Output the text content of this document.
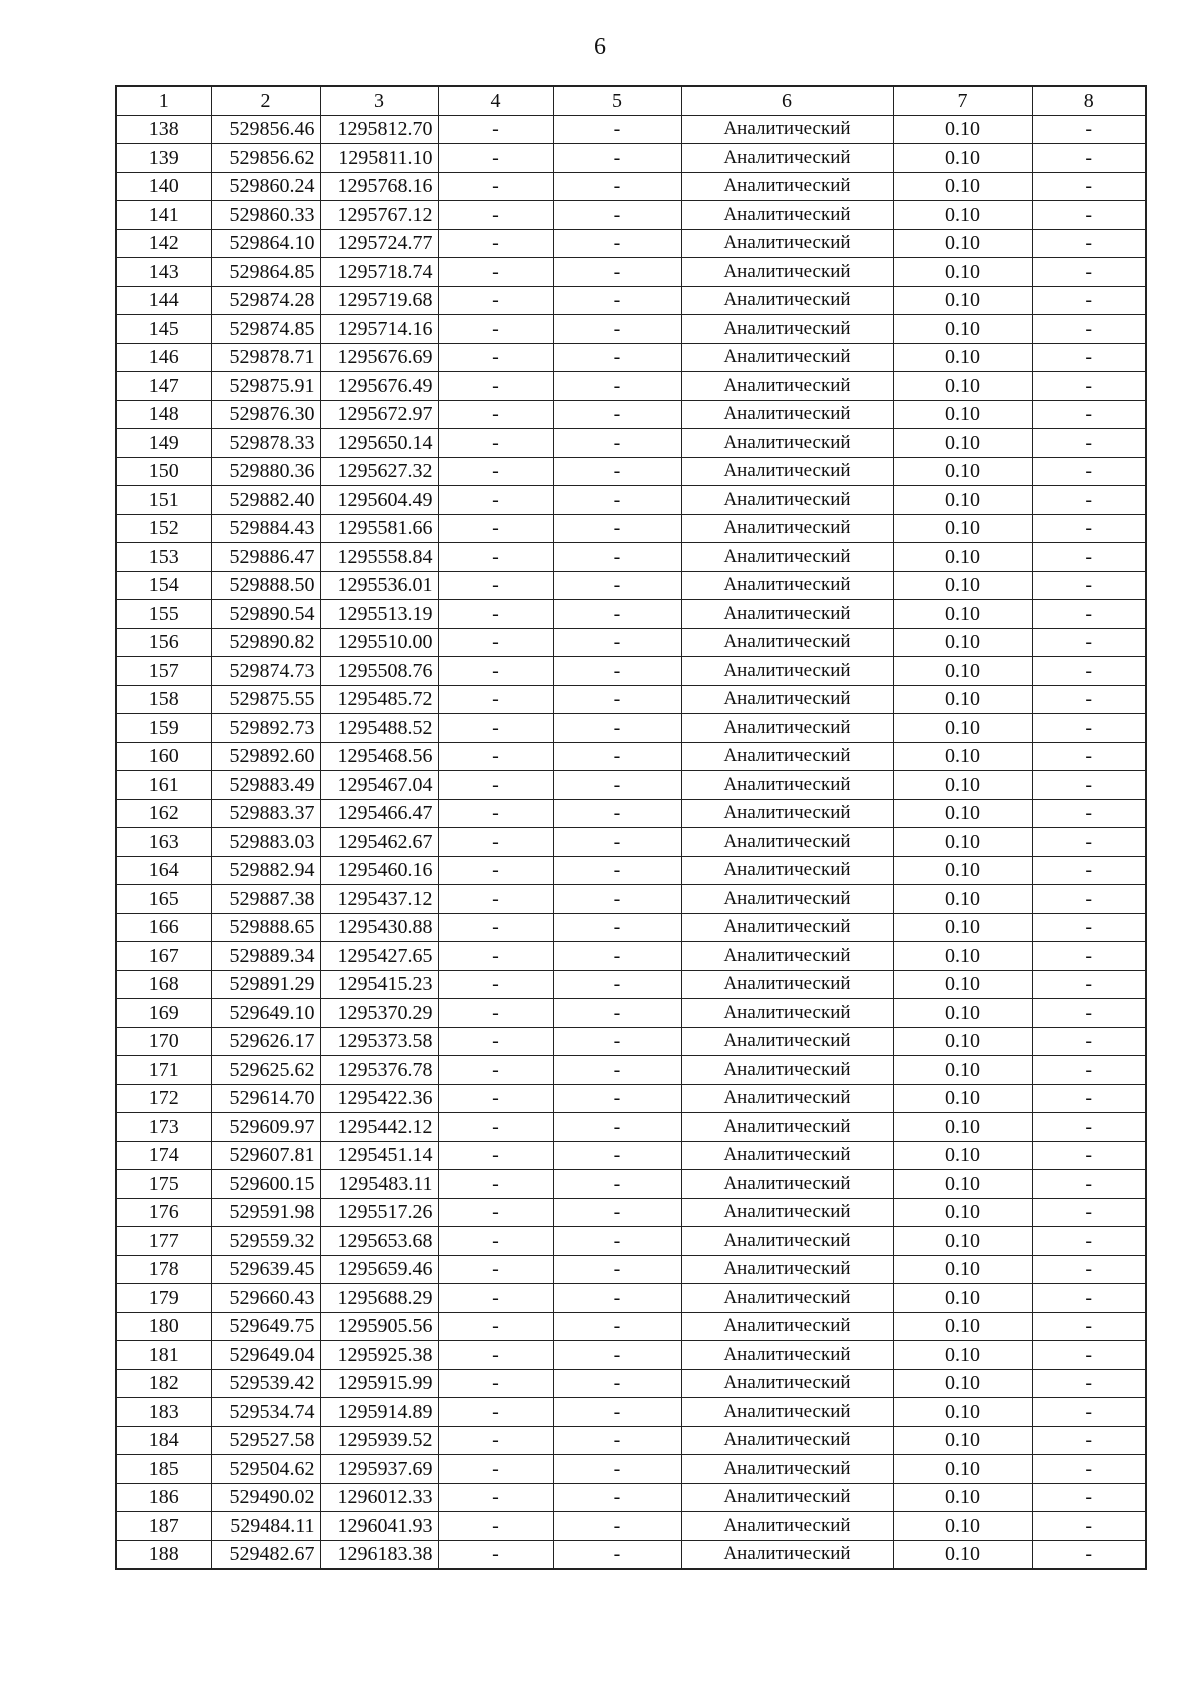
6
1	2	3	4	5	6	7	8
138	529856.46	1295812.70	-	-	Аналитический	0.10	-
139	529856.62	1295811.10	-	-	Аналитический	0.10	-
140	529860.24	1295768.16	-	-	Аналитический	0.10	-
141	529860.33	1295767.12	-	-	Аналитический	0.10	-
142	529864.10	1295724.77	-	-	Аналитический	0.10	-
143	529864.85	1295718.74	-	-	Аналитический	0.10	-
144	529874.28	1295719.68	-	-	Аналитический	0.10	-
145	529874.85	1295714.16	-	-	Аналитический	0.10	-
146	529878.71	1295676.69	-	-	Аналитический	0.10	-
147	529875.91	1295676.49	-	-	Аналитический	0.10	-
148	529876.30	1295672.97	-	-	Аналитический	0.10	-
149	529878.33	1295650.14	-	-	Аналитический	0.10	-
150	529880.36	1295627.32	-	-	Аналитический	0.10	-
151	529882.40	1295604.49	-	-	Аналитический	0.10	-
152	529884.43	1295581.66	-	-	Аналитический	0.10	-
153	529886.47	1295558.84	-	-	Аналитический	0.10	-
154	529888.50	1295536.01	-	-	Аналитический	0.10	-
155	529890.54	1295513.19	-	-	Аналитический	0.10	-
156	529890.82	1295510.00	-	-	Аналитический	0.10	-
157	529874.73	1295508.76	-	-	Аналитический	0.10	-
158	529875.55	1295485.72	-	-	Аналитический	0.10	-
159	529892.73	1295488.52	-	-	Аналитический	0.10	-
160	529892.60	1295468.56	-	-	Аналитический	0.10	-
161	529883.49	1295467.04	-	-	Аналитический	0.10	-
162	529883.37	1295466.47	-	-	Аналитический	0.10	-
163	529883.03	1295462.67	-	-	Аналитический	0.10	-
164	529882.94	1295460.16	-	-	Аналитический	0.10	-
165	529887.38	1295437.12	-	-	Аналитический	0.10	-
166	529888.65	1295430.88	-	-	Аналитический	0.10	-
167	529889.34	1295427.65	-	-	Аналитический	0.10	-
168	529891.29	1295415.23	-	-	Аналитический	0.10	-
169	529649.10	1295370.29	-	-	Аналитический	0.10	-
170	529626.17	1295373.58	-	-	Аналитический	0.10	-
171	529625.62	1295376.78	-	-	Аналитический	0.10	-
172	529614.70	1295422.36	-	-	Аналитический	0.10	-
173	529609.97	1295442.12	-	-	Аналитический	0.10	-
174	529607.81	1295451.14	-	-	Аналитический	0.10	-
175	529600.15	1295483.11	-	-	Аналитический	0.10	-
176	529591.98	1295517.26	-	-	Аналитический	0.10	-
177	529559.32	1295653.68	-	-	Аналитический	0.10	-
178	529639.45	1295659.46	-	-	Аналитический	0.10	-
179	529660.43	1295688.29	-	-	Аналитический	0.10	-
180	529649.75	1295905.56	-	-	Аналитический	0.10	-
181	529649.04	1295925.38	-	-	Аналитический	0.10	-
182	529539.42	1295915.99	-	-	Аналитический	0.10	-
183	529534.74	1295914.89	-	-	Аналитический	0.10	-
184	529527.58	1295939.52	-	-	Аналитический	0.10	-
185	529504.62	1295937.69	-	-	Аналитический	0.10	-
186	529490.02	1296012.33	-	-	Аналитический	0.10	-
187	529484.11	1296041.93	-	-	Аналитический	0.10	-
188	529482.67	1296183.38	-	-	Аналитический	0.10	-
